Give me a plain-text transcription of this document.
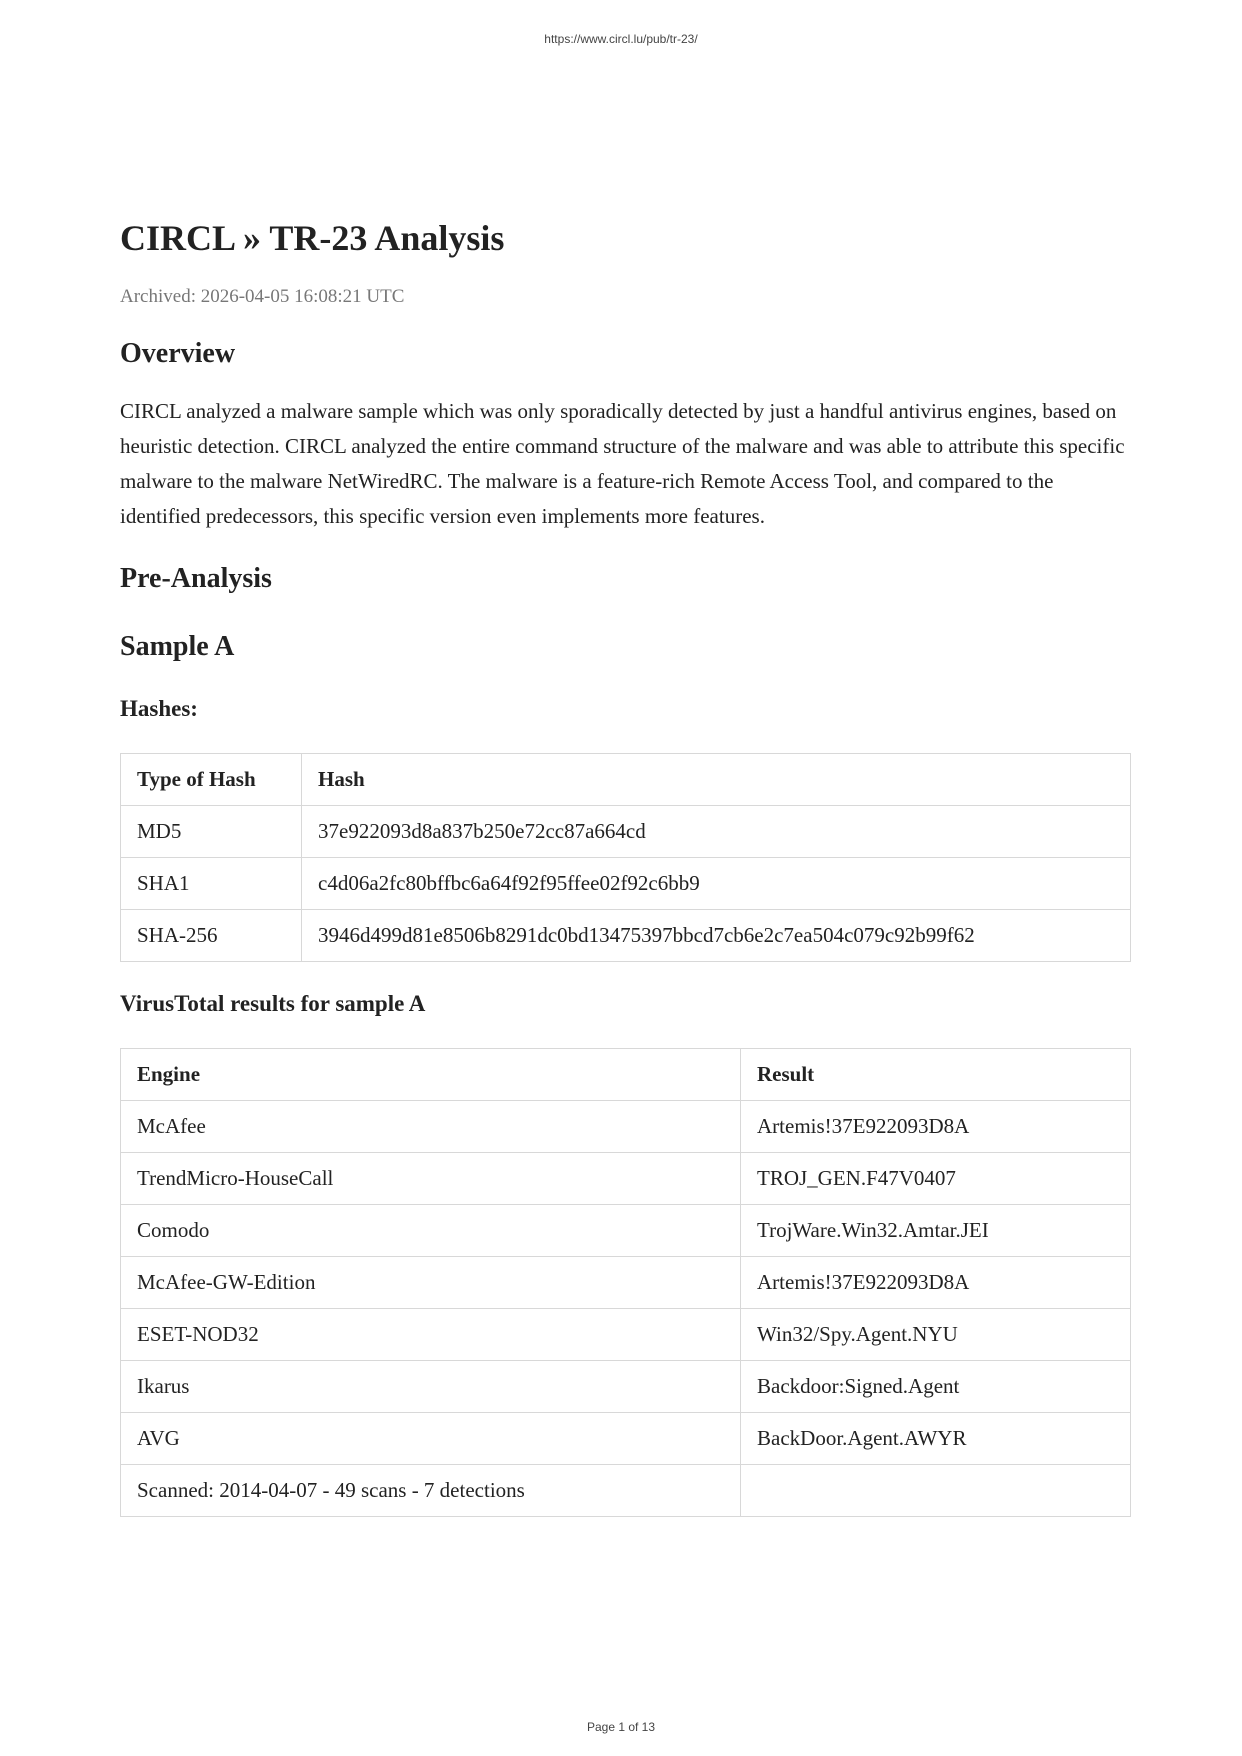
https://www.circl.lu/pub/tr-23/
CIRCL » TR-23 Analysis
Archived: 2026-04-05 16:08:21 UTC
Overview

CIRCL analyzed a malware sample which was only sporadically detected by just a handful antivirus engines, based on heuristic detection. CIRCL analyzed the entire command structure of the malware and was able to attribute this specific malware to the malware NetWiredRC. The malware is a feature-rich Remote Access Tool, and compared to the identified predecessors, this specific version even implements more features.

Pre-Analysis
Sample A
Hashes:
Type of Hash	Hash
MD5	37e922093d8a837b250e72cc87a664cd
SHA1	c4d06a2fc80bffbc6a64f92f95ffee02f92c6bb9
SHA-256	3946d499d81e8506b8291dc0bd13475397bbcd7cb6e2c7ea504c079c92b99f62
VirusTotal results for sample A
Engine	Result
McAfee	Artemis!37E922093D8A
TrendMicro-HouseCall	TROJ_GEN.F47V0407
Comodo	TrojWare.Win32.Amtar.JEI
McAfee-GW-Edition	Artemis!37E922093D8A
ESET-NOD32	Win32/Spy.Agent.NYU
Ikarus	Backdoor:Signed.Agent
AVG	BackDoor.Agent.AWYR
Scanned: 2014-04-07 - 49 scans - 7 detections	
Page 1 of 13
